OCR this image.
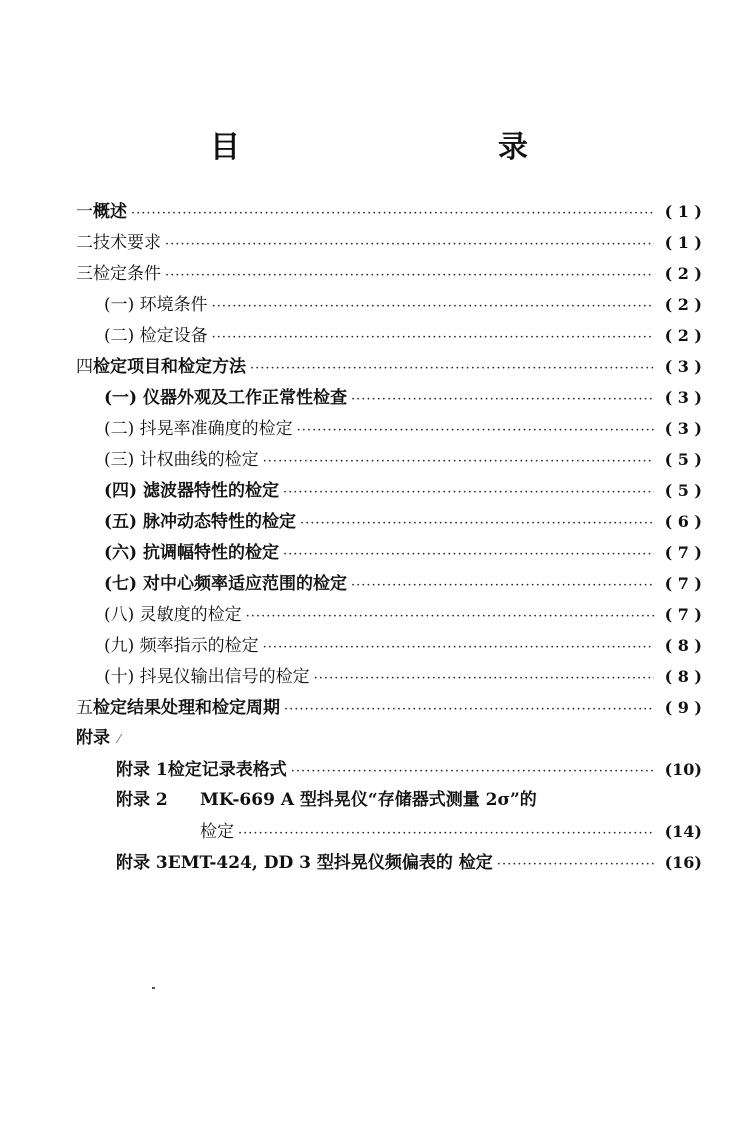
目　　录
一 概述 ·····	( 1 )
二 技术要求 ·····	( 1 )
三 检定条件 ·····	( 2 )
(一) 环境条件 ·····	( 2 )
(二) 检定设备 ·····	( 2 )
四 检定项目和检定方法 ·····	( 3 )
(一) 仪器外观及工作正常性检查 ·····	( 3 )
(二) 抖晃率准确度的检定 ·····	( 3 )
(三) 计权曲线的检定 ·····	( 5 )
(四) 滤波器特性的检定 ·····	( 5 )
(五) 脉冲动态特性的检定 ·····	( 6 )
(六) 抗调幅特性的检定 ·····	( 7 )
(七) 对中心频率适应范围的检定 ·····	( 7 )
(八) 灵敏度的检定 ·····	( 7 )
(九) 频率指示的检定 ·····	( 8 )
(十) 抖晃仪输出信号的检定 ·····	( 8 )
五 检定结果处理和检定周期 ·····	( 9 )
附录 ⁄
附录 1 检定记录表格式 ·····	(10)
附录 2	MK-669 A 型抖晃仪“存储器式测量 2σ”的
检定 ·····	(14)
附录 3 EMT-424, DD 3 型抖晃仪频偏表的 检定 ·····	(16)
